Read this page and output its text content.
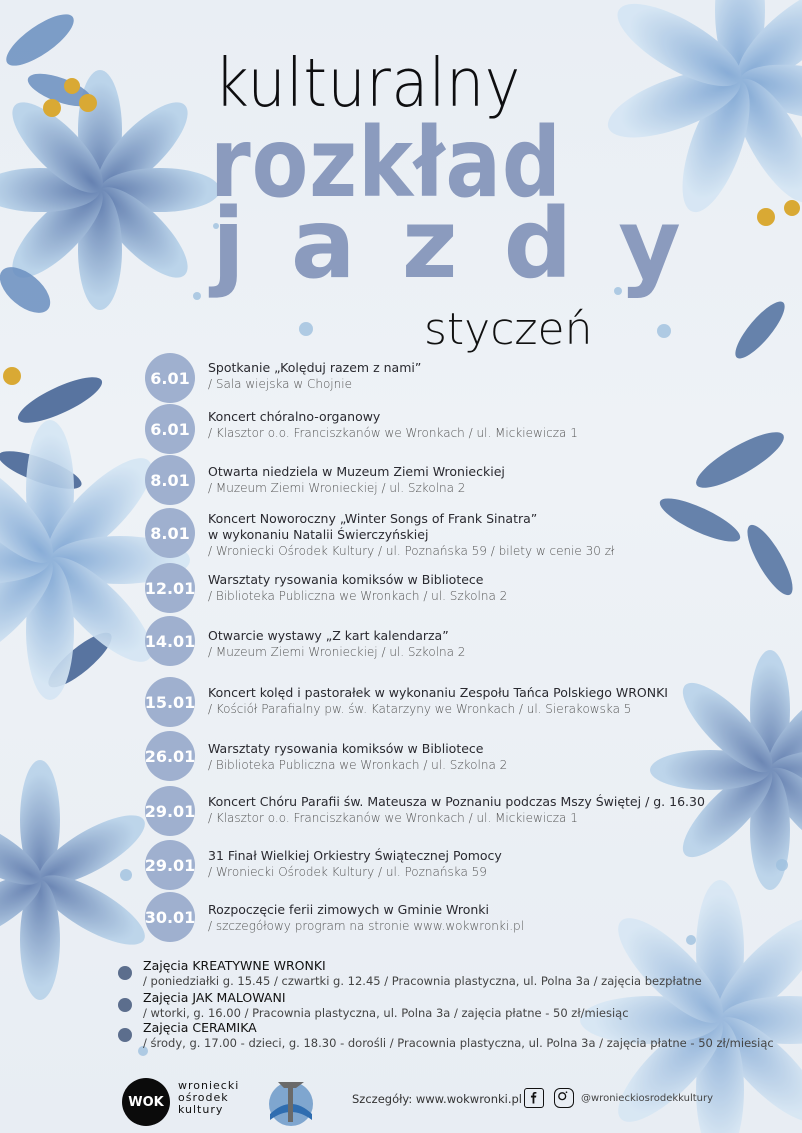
kulturalny
rozkład
jazdy
styczeń
6.01
Spotkanie „Kolęduj razem z nami”
/ Sala wiejska w Chojnie
6.01
Koncert chóralno-organowy
/ Klasztor o.o. Franciszkanów we Wronkach / ul. Mickiewicza 1
8.01	Otwarta niedziela w Muzeum Ziemi Wronieckiej
/ Muzeum Ziemi Wronieckiej / ul. Szkolna 2
8.01
Koncert Noworoczny „Winter Songs of Frank Sinatra”
w wykonaniu Natalii Świerczyńskiej
/ Wroniecki Ośrodek Kultury / ul. Poznańska 59 / bilety w cenie 30 zł
12.01 Warsztaty rysowania komiksów w Bibliotece
/ Biblioteka Publiczna we Wronkach / ul. Szkolna 2
14.01 Otwarcie wystawy „Z kart kalendarza”
/ Muzeum Ziemi Wronieckiej / ul. Szkolna 2
15.01 Koncert kolęd i pastorałek w wykonaniu Zespołu Tańca Polskiego WRONKI
/ Kościół Parafialny pw. św. Katarzyny we Wronkach / ul. Sierakowska 5
26.01 Warsztaty rysowania komiksów w Bibliotece
/ Biblioteka Publiczna we Wronkach / ul. Szkolna 2
29.01 Koncert Chóru Parafii św. Mateusza w Poznaniu podczas Mszy Świętej / g. 16.30
/ Klasztor o.o. Franciszkanów we Wronkach / ul. Mickiewicza 1
29.01 31 Finał Wielkiej Orkiestry Świątecznej Pomocy
/ Wroniecki Ośrodek Kultury / ul. Poznańska 59
30.01 Rozpoczęcie ferii zimowych w Gminie Wronki
/ szczegółowy program na stronie www.wokwronki.pl
Zajęcia KREATYWNE WRONKI
/ poniedziałki g. 15.45 / czwartki g. 12.45 / Pracownia plastyczna, ul. Polna 3a / zajęcia bezpłatne
Zajęcia JAK MALOWANI
/ wtorki, g. 16.00 / Pracownia plastyczna, ul. Polna 3a / zajęcia płatne - 50 zł/miesiąc
Zajęcia CERAMIKA
/ środy, g. 17.00 - dzieci, g. 18.30 - dorośli / Pracownia plastyczna, ul. Polna 3a / zajęcia płatne - 50 zł/miesiąc
WOK
wroniecki
ośrodek
kultury
Szczegóły: www.wokwronki.pl	@wronieckiosrodekkultury
